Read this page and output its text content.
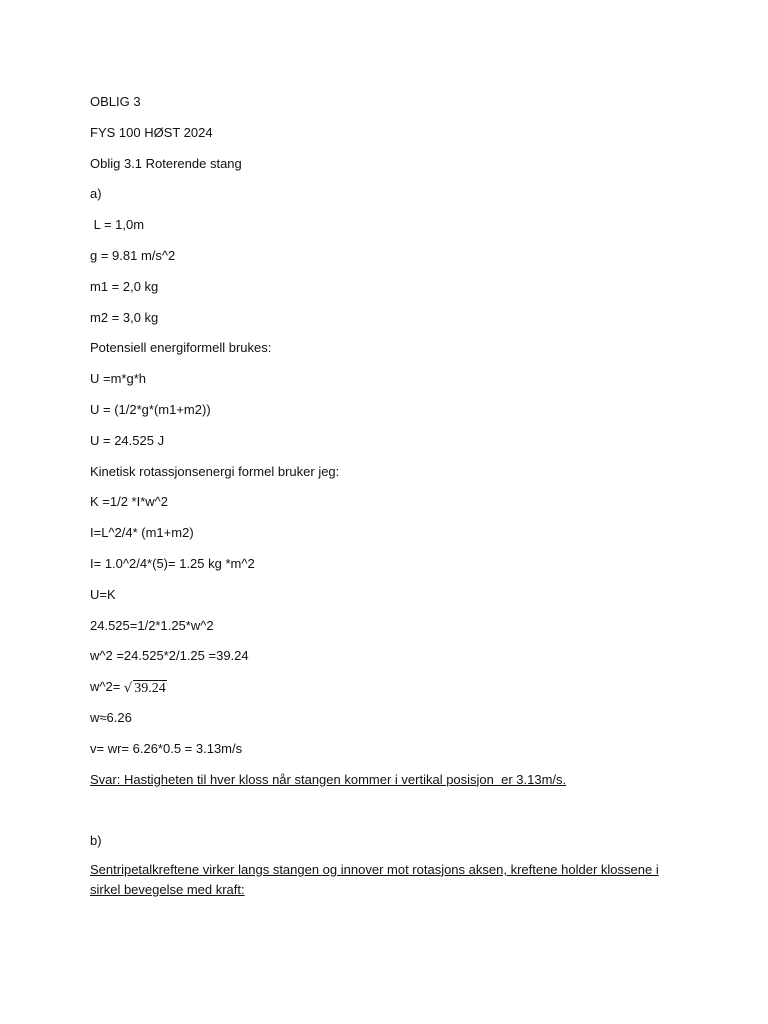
OBLIG 3
FYS 100 HØST 2024
Oblig 3.1 Roterende stang
a)
L = 1,0m
g = 9.81 m/s^2
m1 = 2,0 kg
m2 = 3,0 kg
Potensiell energiformell brukes:
U =m*g*h
U = (1/2*g*(m1+m2))
U = 24.525 J
Kinetisk rotassjonsenergi formel bruker jeg:
K =1/2 *I*w^2
I=L^2/4* (m1+m2)
I= 1.0^2/4*(5)= 1.25 kg *m^2
U=K
24.525=1/2*1.25*w^2
w^2 =24.525*2/1.25 =39.24
w^2= √ 39.24
w≈6.26
v= wr= 6.26*0.5 = 3.13m/s
Svar: Hastigheten til hver kloss når stangen kommer i vertikal posisjon  er 3.13m/s.
b)
Sentripetalkreftene virker langs stangen og innover mot rotasjons aksen, kreftene holder klossene i sirkel bevegelse med kraft:
